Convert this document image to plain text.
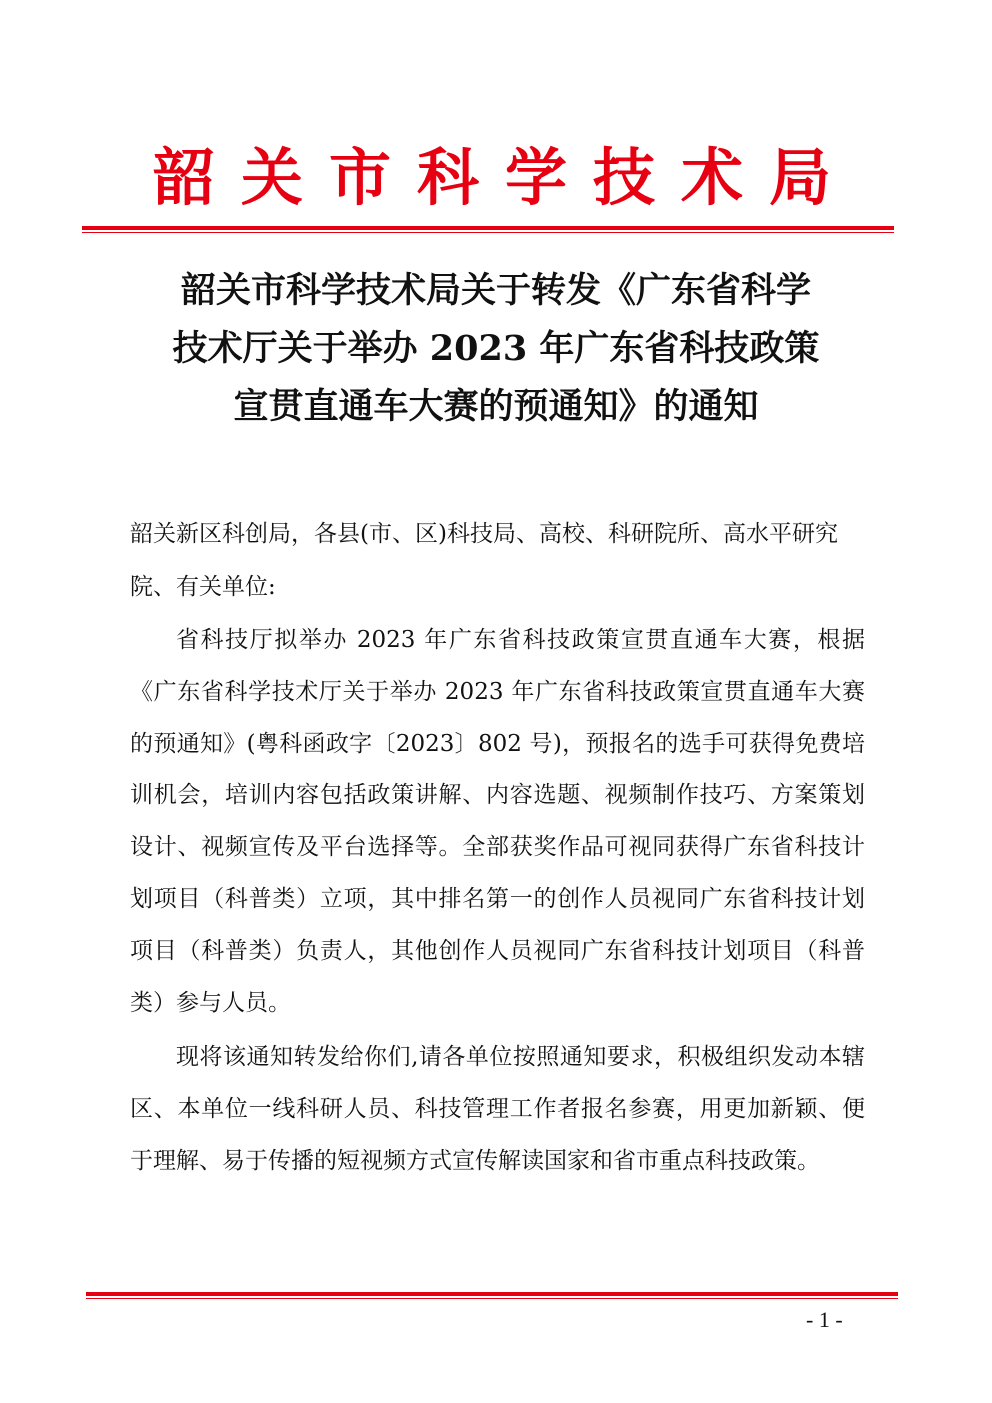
韶关市科学技术局
韶关市科学技术局关于转发《广东省科学
技术厅关于举办 2023 年广东省科技政策
宣贯直通车大赛的预通知》的通知
韶关新区科创局，各县(市、区)科技局、高校、科研院所、高水平研究院、有关单位:
省科技厅拟举办 2023 年广东省科技政策宣贯直通车大赛，根据《广东省科学技术厅关于举办 2023 年广东省科技政策宣贯直通车大赛的预通知》(粤科函政字〔2023〕802 号)，预报名的选手可获得免费培训机会，培训内容包括政策讲解、内容选题、视频制作技巧、方案策划设计、视频宣传及平台选择等。全部获奖作品可视同获得广东省科技计划项目（科普类）立项，其中排名第一的创作人员视同广东省科技计划项目（科普类）负责人，其他创作人员视同广东省科技计划项目（科普类）参与人员。
现将该通知转发给你们,请各单位按照通知要求，积极组织发动本辖区、本单位一线科研人员、科技管理工作者报名参赛，用更加新颖、便于理解、易于传播的短视频方式宣传解读国家和省市重点科技政策。
- 1 -
